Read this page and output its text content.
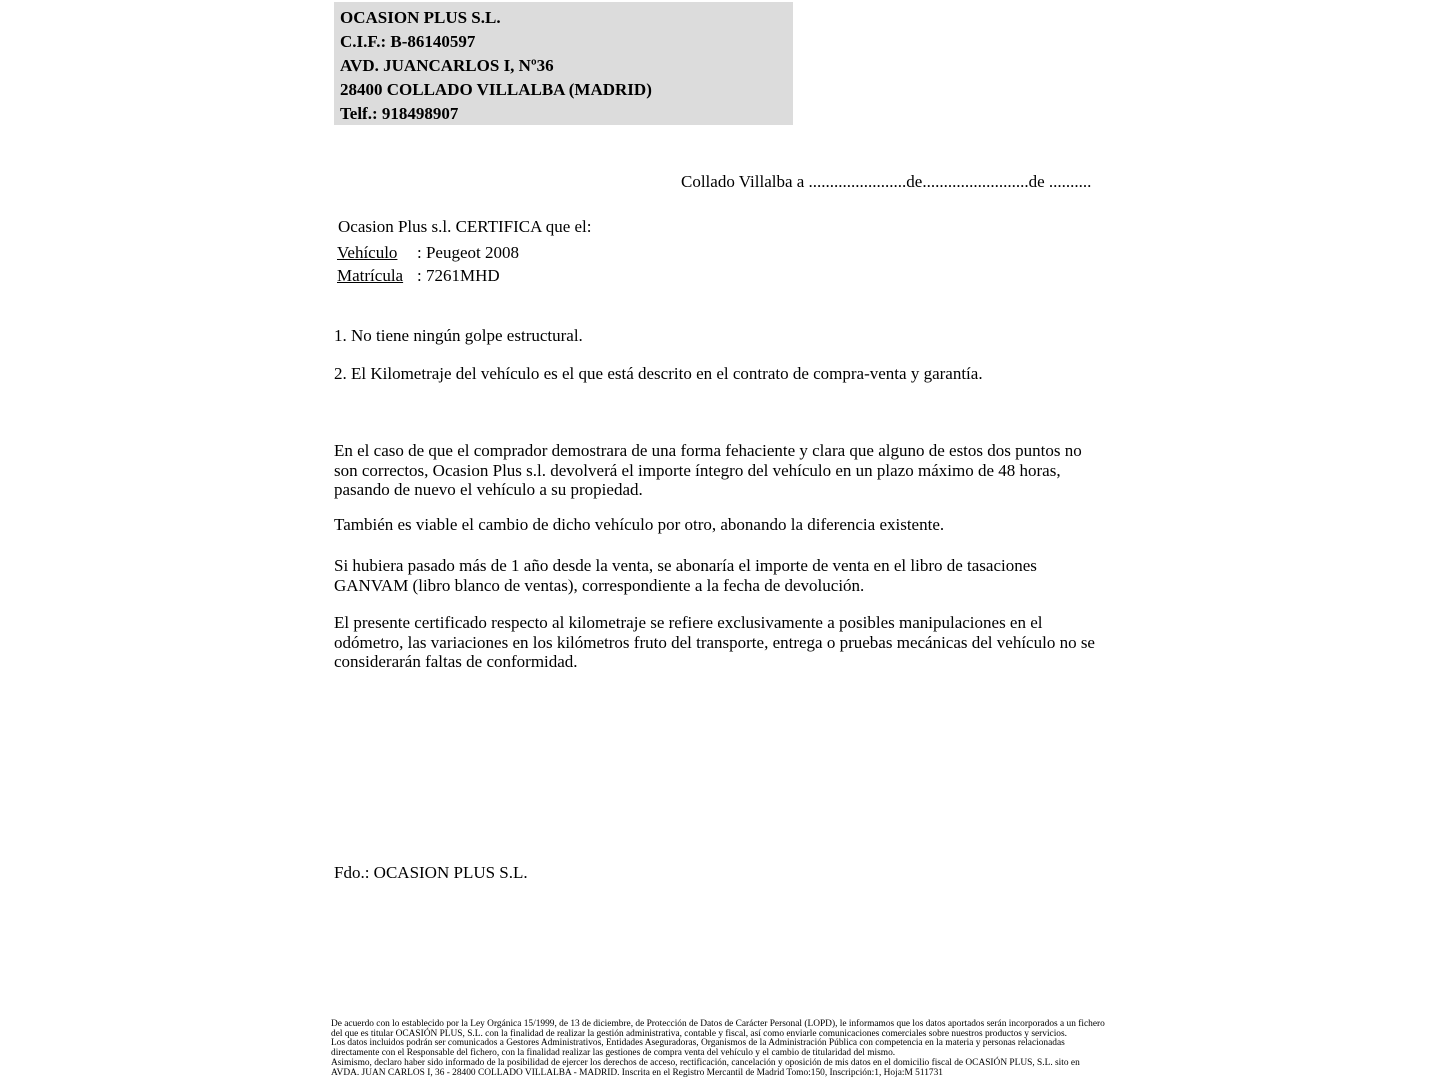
OCASION PLUS S.L.
C.I.F.: B-86140597
AVD. JUANCARLOS I, Nº36
28400 COLLADO VILLALBA (MADRID)
Telf.: 918498907
Collado Villalba a .......................de.........................de ..........
Ocasion Plus s.l. CERTIFICA que el:
Vehículo	: Peugeot 2008
Matrícula : 7261MHD
1. No tiene ningún golpe estructural.
2. El Kilometraje del vehículo es el que está descrito en el contrato de compra-venta y garantía.
En el caso de que el comprador demostrara de una forma fehaciente y clara que alguno de estos dos puntos no son correctos, Ocasion Plus s.l. devolverá el importe íntegro del vehículo en un plazo máximo de 48 horas, pasando de nuevo el vehículo a su propiedad.
También es viable el cambio de dicho vehículo por otro, abonando la diferencia existente.
Si hubiera pasado más de 1 año desde la venta, se abonaría el importe de venta en el libro de tasaciones GANVAM (libro blanco de ventas), correspondiente a la fecha de devolución.
El presente certificado respecto al kilometraje se refiere exclusivamente a posibles manipulaciones en el odómetro, las variaciones en los kilómetros fruto del transporte, entrega o pruebas mecánicas del vehículo no se considerarán faltas de conformidad.
Fdo.: OCASION PLUS S.L.

De acuerdo con lo establecido por la Ley Orgánica 15/1999, de 13 de diciembre, de Protección de Datos de Carácter Personal (LOPD), le informamos que los datos aportados serán incorporados a un fichero del que es titular OCASIÓN PLUS, S.L. con la finalidad de realizar la gestión administrativa, contable y fiscal, así como enviarle comunicaciones comerciales sobre nuestros productos y servicios.

Los datos incluidos podrán ser comunicados a Gestores Administrativos, Entidades Aseguradoras, Organismos de la Administración Pública con competencia en la materia y personas relacionadas directamente con el Responsable del fichero, con la finalidad realizar las gestiones de compra venta del vehículo y el cambio de titularidad del mismo.

Asimismo, declaro haber sido informado de la posibilidad de ejercer los derechos de acceso, rectificación, cancelación y oposición de mis datos en el domicilio fiscal de OCASIÓN PLUS, S.L. sito en AVDA. JUAN CARLOS I, 36 - 28400 COLLADO VILLALBA - MADRID. Inscrita en el Registro Mercantil de Madrid Tomo:150, Inscripción:1, Hoja:M 511731
